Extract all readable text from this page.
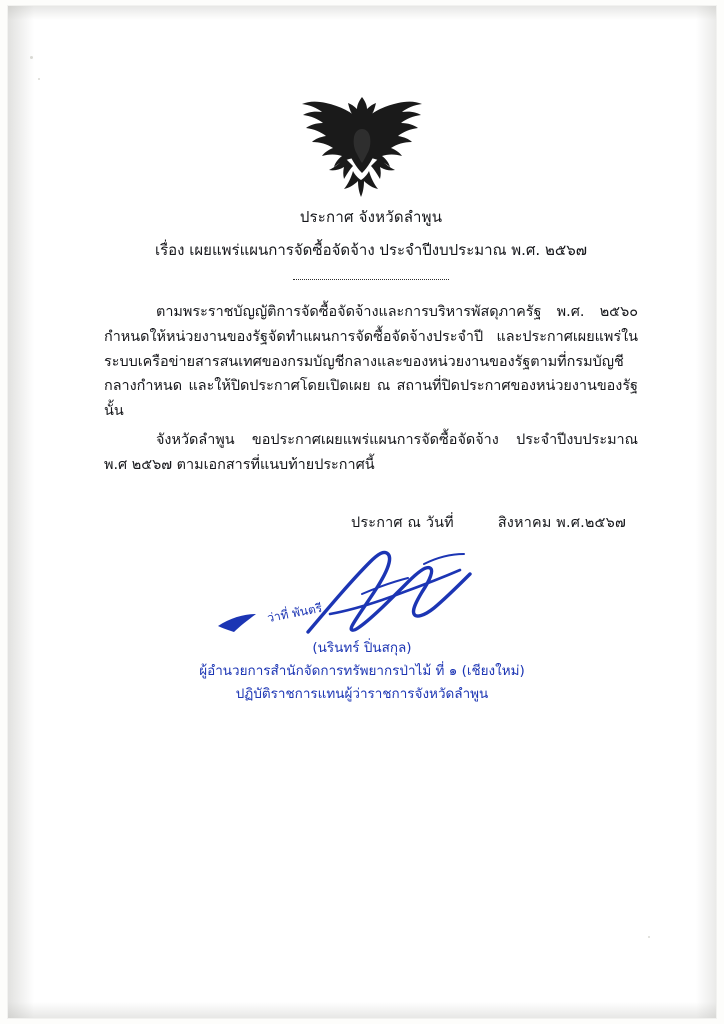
ประกาศ จังหวัดลำพูน

เรื่อง เผยแพร่แผนการจัดซื้อจัดจ้าง ประจำปีงบประมาณ พ.ศ. ๒๕๖๗

ตามพระราชบัญญัติการจัดซื้อจัดจ้างและการบริหารพัสดุภาครัฐ พ.ศ. ๒๕๖๐ กำหนดให้หน่วยงานของรัฐจัดทำแผนการจัดซื้อจัดจ้างประจำปี และประกาศเผยแพร่ในระบบเครือข่ายสารสนเทศของกรมบัญชีกลางและของหน่วยงานของรัฐตามที่กรมบัญชีกลางกำหนด และให้ปิดประกาศโดยเปิดเผย ณ สถานที่ปิดประกาศของหน่วยงานของรัฐ นั้น

จังหวัดลำพูน ขอประกาศเผยแพร่แผนการจัดซื้อจัดจ้าง ประจำปีงบประมาณ พ.ศ ๒๕๖๗ ตามเอกสารที่แนบท้ายประกาศนี้

ประกาศ ณ วันที่	สิงหาคม พ.ศ.๒๕๖๗

ว่าที่ พันตรี

(นรินทร์ ปิ่นสกุล)

ผู้อำนวยการสำนักจัดการทรัพยากรป่าไม้ ที่ ๑ (เชียงใหม่)

ปฏิบัติราชการแทนผู้ว่าราชการจังหวัดลำพูน
